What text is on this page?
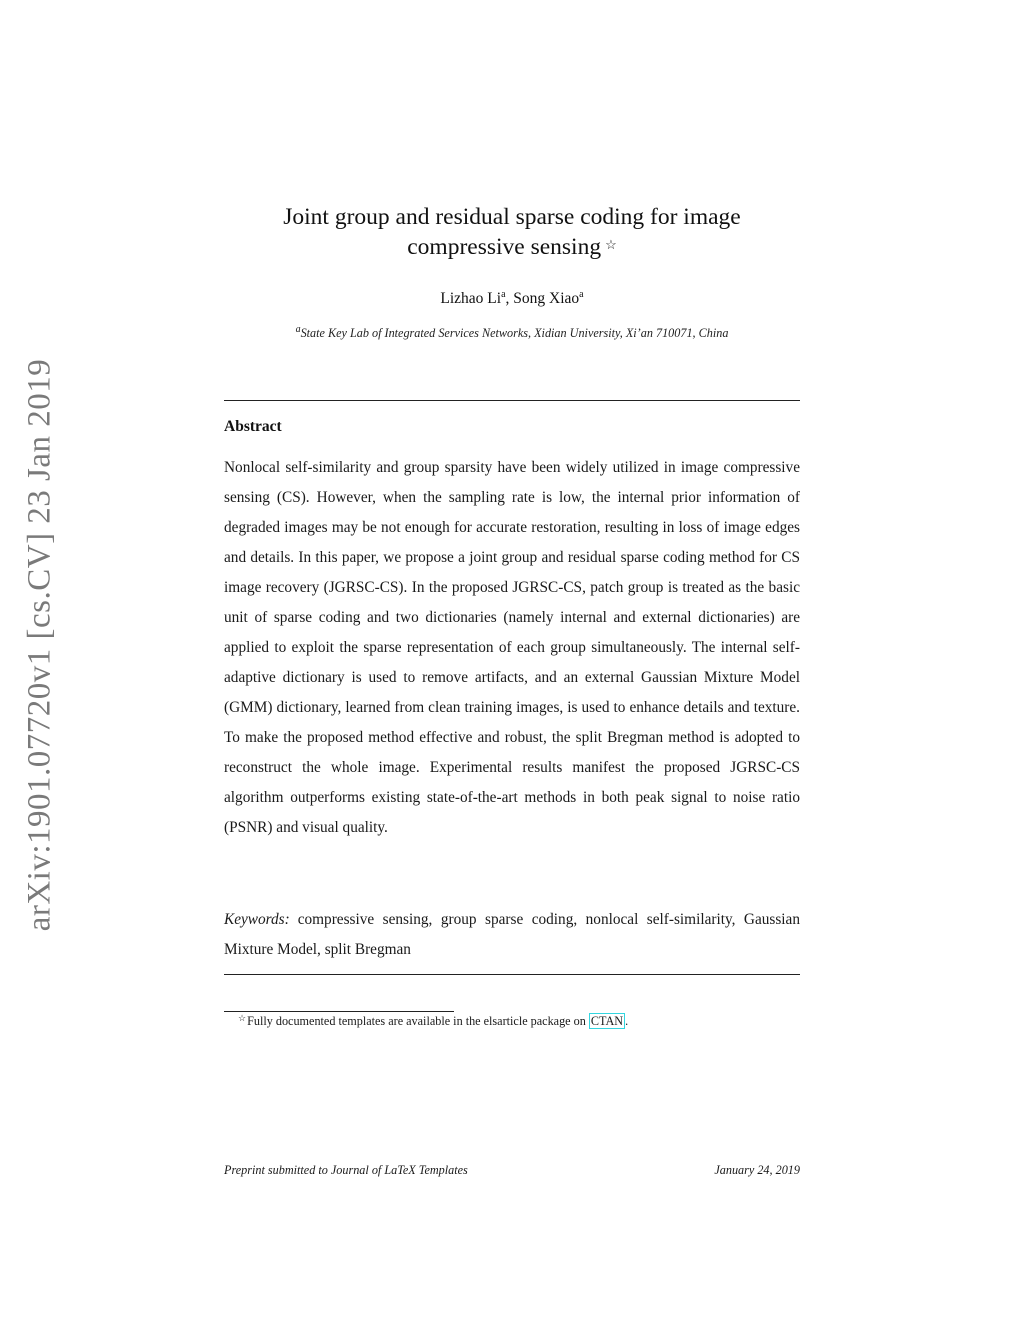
arXiv:1901.07720v1 [cs.CV] 23 Jan 2019
Joint group and residual sparse coding for image
compressive sensing ☆
Lizhao Li$^a$, Song Xiao$^a$
$^a$State Key Lab of Integrated Services Networks, Xidian University, Xi’an 710071, China
Abstract

Nonlocal self-similarity and group sparsity have been widely utilized in image compressive sensing (CS). However, when the sampling rate is low, the internal prior information of degraded images may be not enough for accurate restoration, resulting in loss of image edges and details. In this paper, we propose a joint group and residual sparse coding method for CS image recovery (JGRSC-CS). In the proposed JGRSC-CS, patch group is treated as the basic unit of sparse coding and two dictionaries (namely internal and external dictionaries) are applied to exploit the sparse representation of each group simultaneously. The internal self-adaptive dictionary is used to remove artifacts, and an external Gaussian Mixture Model (GMM) dictionary, learned from clean training images, is used to enhance details and texture. To make the proposed method effective and robust, the split Bregman method is adopted to reconstruct the whole image. Experimental results manifest the proposed JGRSC-CS algorithm outperforms existing state-of-the-art methods in both peak signal to noise ratio (PSNR) and visual quality.

Keywords: compressive sensing, group sparse coding, nonlocal self-similarity, Gaussian Mixture Model, split Bregman

☆Fully documented templates are available in the elsarticle package on CTAN .
Preprint submitted to Journal of LaTeX Templates	January 24, 2019
